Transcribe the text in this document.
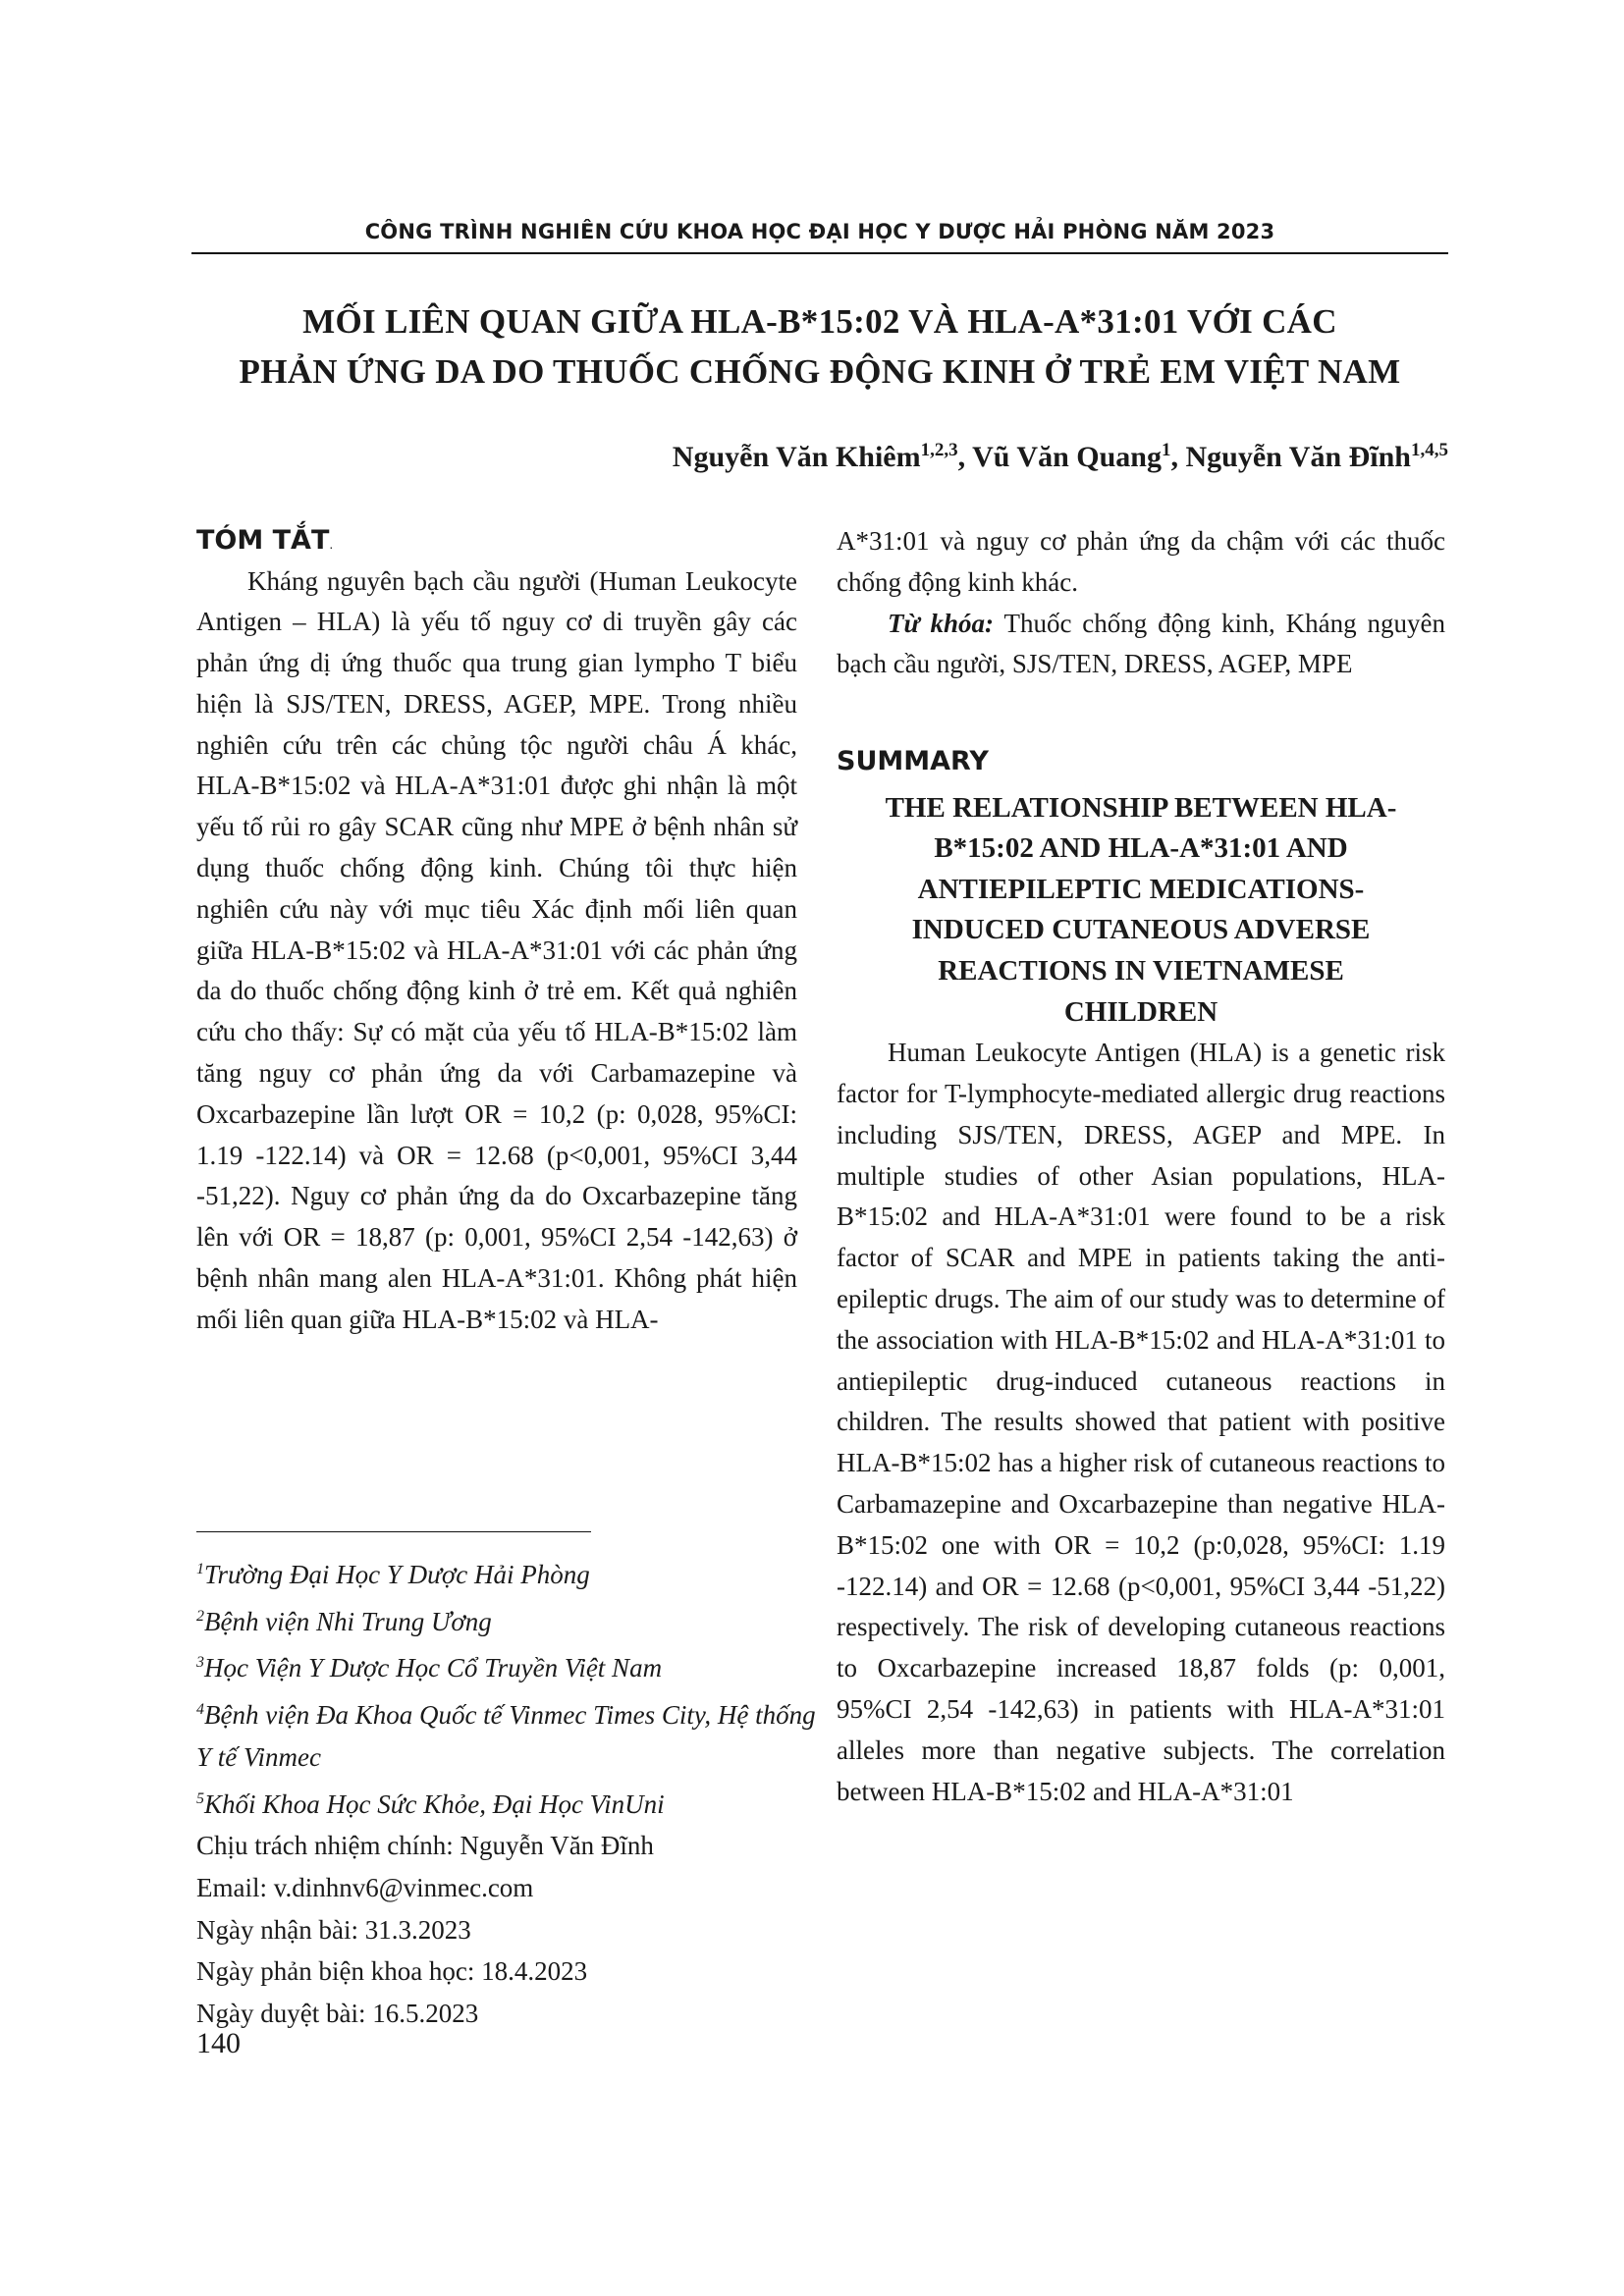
CÔNG TRÌNH NGHIÊN CỨU KHOA HỌC ĐẠI HỌC Y DƯỢC HẢI PHÒNG NĂM 2023
MỐI LIÊN QUAN GIỮA HLA-B*15:02 VÀ HLA-A*31:01 VỚI CÁC
PHẢN ỨNG DA DO THUỐC CHỐNG ĐỘNG KINH Ở TRẺ EM VIỆT NAM
Nguyễn Văn Khiêm$^{1,2,3}$, Vũ Văn Quang$^1$, Nguyễn Văn Đĩnh$^{1,4,5}$

TÓM TẮT.

Kháng nguyên bạch cầu người (Human Leukocyte Antigen – HLA) là yếu tố nguy cơ di truyền gây các phản ứng dị ứng thuốc qua trung gian lympho T biểu hiện là SJS/TEN, DRESS, AGEP, MPE. Trong nhiều nghiên cứu trên các chủng tộc người châu Á khác, HLA-B*15:02 và HLA-A*31:01 được ghi nhận là một yếu tố rủi ro gây SCAR cũng như MPE ở bệnh nhân sử dụng thuốc chống động kinh. Chúng tôi thực hiện nghiên cứu này với mục tiêu Xác định mối liên quan giữa HLA-B*15:02 và HLA-A*31:01 với các phản ứng da do thuốc chống động kinh ở trẻ em. Kết quả nghiên cứu cho thấy: Sự có mặt của yếu tố HLA-B*15:02 làm tăng nguy cơ phản ứng da với Carbamazepine và Oxcarbazepine lần lượt OR = 10,2 (p: 0,028, 95%CI: 1.19 -122.14) và OR = 12.68 (p<0,001, 95%CI 3,44 -51,22). Nguy cơ phản ứng da do Oxcarbazepine tăng lên với OR = 18,87 (p: 0,001, 95%CI 2,54 -142,63) ở bệnh nhân mang alen HLA-A*31:01. Không phát hiện mối liên quan giữa HLA-B*15:02 và HLA-

A*31:01 và nguy cơ phản ứng da chậm với các thuốc chống động kinh khác.

Từ khóa: Thuốc chống động kinh, Kháng nguyên bạch cầu người, SJS/TEN, DRESS, AGEP, MPE

SUMMARY

THE RELATIONSHIP BETWEEN HLA-
B*15:02 AND HLA-A*31:01 AND
ANTIEPILEPTIC MEDICATIONS-
INDUCED CUTANEOUS ADVERSE
REACTIONS IN VIETNAMESE
CHILDREN

Human Leukocyte Antigen (HLA) is a genetic risk factor for T-lymphocyte-mediated allergic drug reactions including SJS/TEN, DRESS, AGEP and MPE. In multiple studies of other Asian populations, HLA-B*15:02 and HLA-A*31:01 were found to be a risk factor of SCAR and MPE in patients taking the anti-epileptic drugs. The aim of our study was to determine of the association with HLA-B*15:02 and HLA-A*31:01 to antiepileptic drug-induced cutaneous reactions in children. The results showed that patient with positive HLA-B*15:02 has a higher risk of cutaneous reactions to Carbamazepine and Oxcarbazepine than negative HLA-B*15:02 one with OR = 10,2 (p:0,028, 95%CI: 1.19 -122.14) and OR = 12.68 (p<0,001, 95%CI 3,44 -51,22) respectively. The risk of developing cutaneous reactions to Oxcarbazepine increased 18,87 folds (p: 0,001, 95%CI 2,54 -142,63) in patients with HLA-A*31:01 alleles more than negative subjects. The correlation between HLA-B*15:02 and HLA-A*31:01

$^1$Trường Đại Học Y Dược Hải Phòng

$^2$Bệnh viện Nhi Trung Ương

$^3$Học Viện Y Dược Học Cổ Truyền Việt Nam

$^4$Bệnh viện Đa Khoa Quốc tế Vinmec Times City, Hệ thống Y tế Vinmec

$^5$Khối Khoa Học Sức Khỏe, Đại Học VinUni

Chịu trách nhiệm chính: Nguyễn Văn Đĩnh

Email: v.dinhnv6@vinmec.com

Ngày nhận bài: 31.3.2023

Ngày phản biện khoa học: 18.4.2023

Ngày duyệt bài: 16.5.2023

140
